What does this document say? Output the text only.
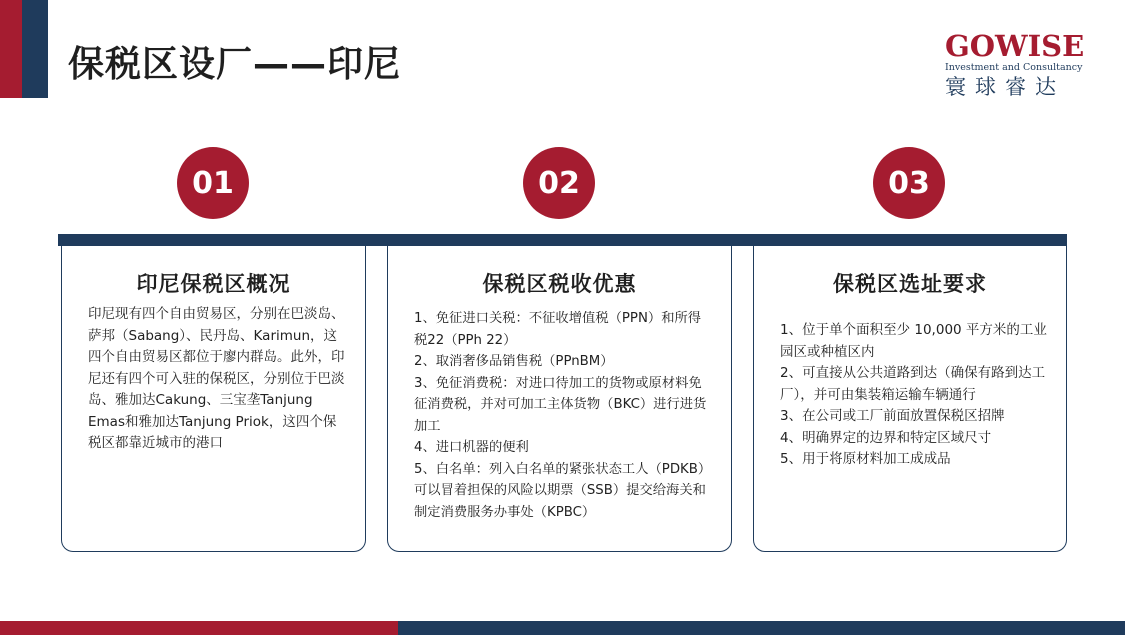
保税区设厂——印尼	GOWISE
Investment and Consultancy
寰球睿达
01	02	03
印尼保税区概况

印尼现有四个自由贸易区，分别在巴淡岛、萨邦（Sabang）、民丹岛、Karimun，这四个自由贸易区都位于廖内群岛。此外，印尼还有四个可入驻的保税区，分别位于巴淡岛、雅加达Cakung、三宝垄Tanjung Emas和雅加达Tanjung Priok，这四个保税区都靠近城市的港口

保税区税收优惠

1、免征进口关税：不征收增值税（PPN）和所得税22（PPh 22）

2、取消奢侈品销售税（PPnBM）

3、免征消费税：对进口待加工的货物或原材料免征消费税，并对可加工主体货物（BKC）进行进货加工

4、进口机器的便利

5、白名单：列入白名单的紧张状态工人（PDKB）可以冒着担保的风险以期票（SSB）提交给海关和制定消费服务办事处（KPBC）

保税区选址要求

1、位于单个面积至少 10,000 平方米的工业园区或种植区内

2、可直接从公共道路到达（确保有路到达工厂），并可由集装箱运输车辆通行

3、在公司或工厂前面放置保税区招牌

4、明确界定的边界和特定区域尺寸

5、用于将原材料加工成成品
